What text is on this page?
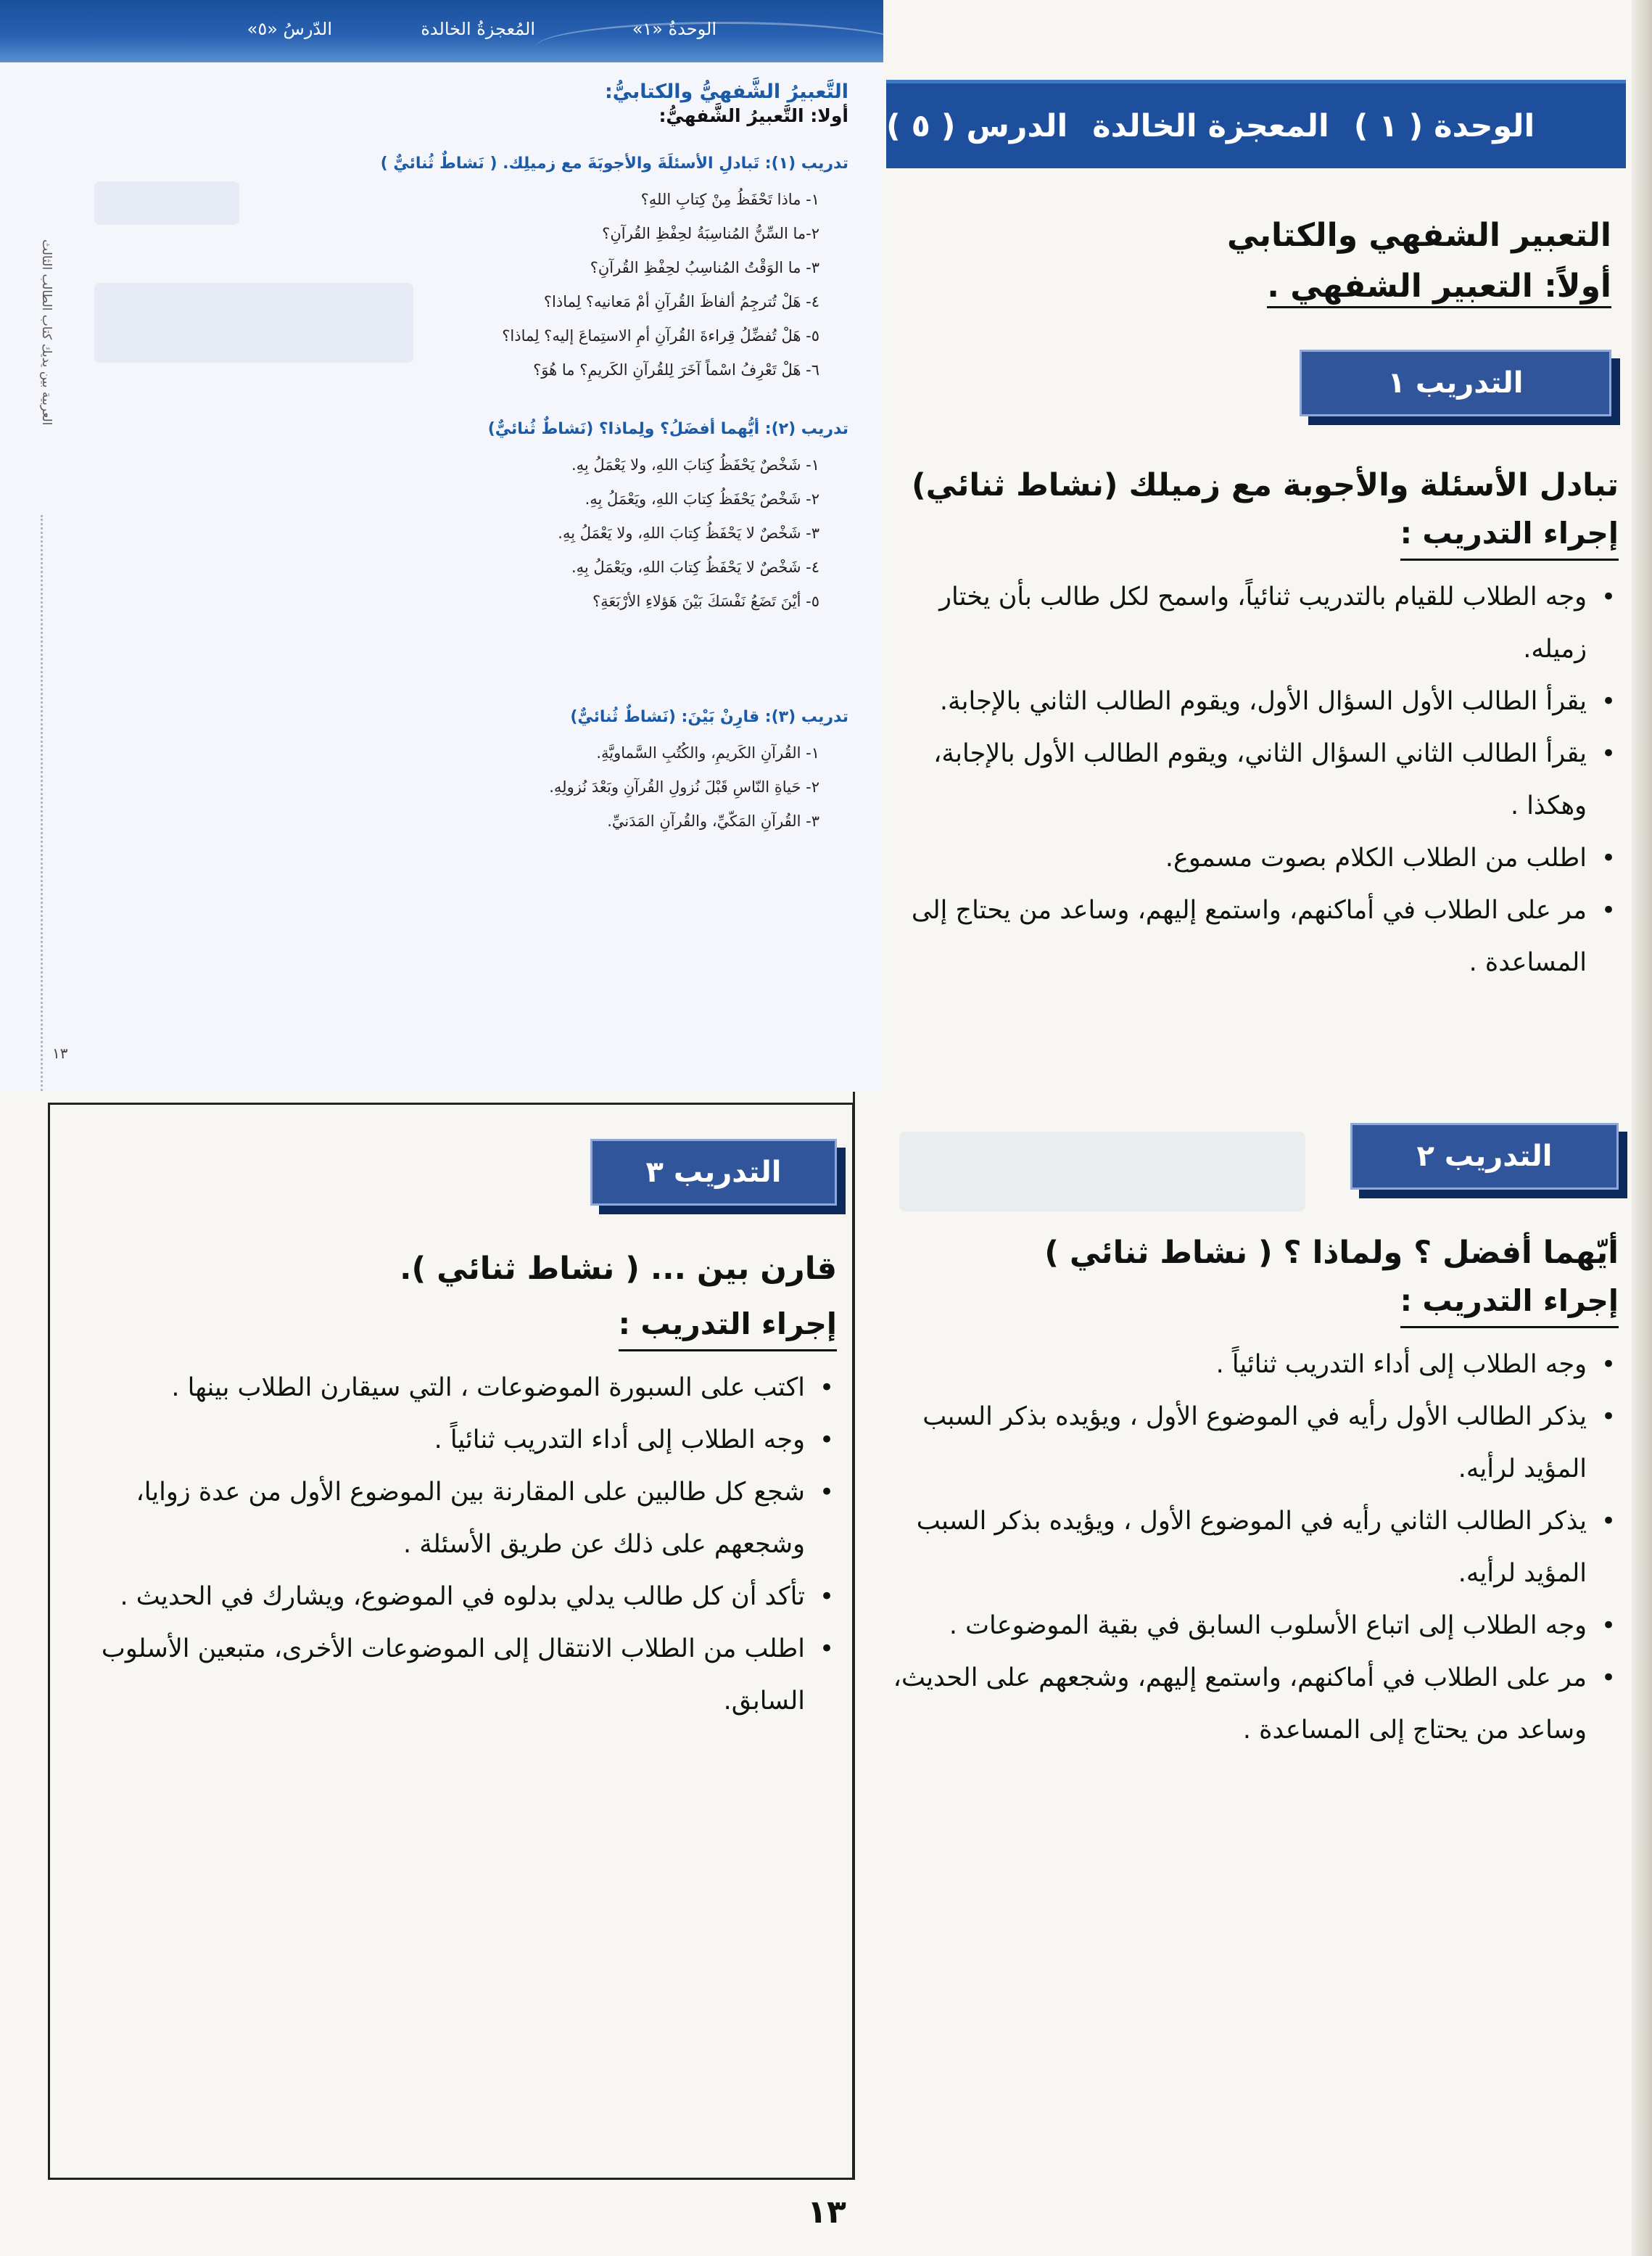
الوحدةُ «١»
المُعجزةُ الخالدة
الدّرسُ «٥»
العربية بين يديك كتاب الطالب الثالث
١٣
التَّعبيرُ الشَّفهيُّ والكتابيُّ:
أولا: التَّعبيرُ الشَّفهيُّ:
تدريب (١): تَبادلِ الأسئلَةَ والأجوبَةَ مع زميلِك. ( نَشاطٌ ثُنائيٌّ )
١- ماذا تَحْفَظُ مِنْ كِتابِ اللهِ؟
٢-ما السِّنُّ المُناسِبَةُ لحِفْظِ القُرآنِ؟
٣- ما الوَقْتُ المُناسِبُ لحِفْظِ القُرآنِ؟
٤- هَلْ تُترجِمُ ألفاظَ القُرآنِ أمْ مَعانيه؟ لِماذا؟
٥- هَلْ تُفضِّلُ قِراءةَ القُرآنِ أمِ الاستِماعَ إليه؟ لِماذا؟
٦- هَلْ تَعْرِفُ اسْماً آخَرَ لِلقُرآنِ الكَريمِ؟ ما هُوَ؟
تدريب (٢): أيُّهما أفضَلُ؟ ولِماذا؟ (نَشاطٌ ثُنائيٌّ)
١- شَخْصٌ يَحْفَظُ كِتابَ اللهِ، ولا يَعْمَلُ بِهِ.
٢- شَخْصٌ يَحْفَظُ كِتابَ اللهِ، ويَعْمَلُ بِهِ.
٣- شَخْصٌ لا يَحْفَظُ كِتابَ اللهِ، ولا يَعْمَلُ بِهِ.
٤- شَخْصٌ لا يَحْفَظُ كِتابَ اللهِ، ويَعْمَلُ بِهِ.
٥- أيْنَ تَضَعُ نَفْسَكَ بَيْنَ هَؤلاءِ الأرْبَعَةِ؟
تدريب (٣): قارِنْ بَيْنَ: (نَشاطٌ ثُنائيٌّ)
١- القُرآنِ الكَريمِ، والكُتُبِ السَّماويَّةِ.
٢- حَياةِ النّاسِ قَبْلَ نُزولِ القُرآنِ وبَعْدَ نُزولِهِ.
٣- القُرآنِ المَكّيِّ، والقُرآنِ المَدَنيِّ.
الوحدة ( ١ )
المعجزة الخالدة
الدرس ( ٥ )
التعبير الشفهي والكتابي
أولاً: التعبير الشفهي .
التدريب ١
تبادل الأسئلة والأجوبة مع زميلك (نشاط ثنائي)
إجراء التدريب :
• وجه الطلاب للقيام بالتدريب ثنائياً، واسمح لكل طالب بأن يختار زميله.
• يقرأ الطالب الأول السؤال الأول، ويقوم الطالب الثاني بالإجابة.
• يقرأ الطالب الثاني السؤال الثاني، ويقوم الطالب الأول بالإجابة، وهكذا .
• اطلب من الطلاب الكلام بصوت مسموع.
• مر على الطلاب في أماكنهم، واستمع إليهم، وساعد من يحتاج إلى المساعدة .
التدريب ٢
أيّهما أفضل ؟ ولماذا ؟ ( نشاط ثنائي )
إجراء التدريب :
• وجه الطلاب إلى أداء التدريب ثنائياً .
• يذكر الطالب الأول رأيه في الموضوع الأول ، ويؤيده بذكر السبب المؤيد لرأيه.
• يذكر الطالب الثاني رأيه في الموضوع الأول ، ويؤيده بذكر السبب المؤيد لرأيه.
• وجه الطلاب إلى اتباع الأسلوب السابق في بقية الموضوعات .
• مر على الطلاب في أماكنهم، واستمع إليهم، وشجعهم على الحديث، وساعد من يحتاج إلى المساعدة .
التدريب ٣
قارن بين ... ( نشاط ثنائي ).
إجراء التدريب :
• اكتب على السبورة الموضوعات ، التي سيقارن الطلاب بينها .
• وجه الطلاب إلى أداء التدريب ثنائياً .
• شجع كل طالبين على المقارنة بين الموضوع الأول من عدة زوايا، وشجعهم على ذلك عن طريق الأسئلة .
• تأكد أن كل طالب يدلي بدلوه في الموضوع، ويشارك في الحديث .
• اطلب من الطلاب الانتقال إلى الموضوعات الأخرى، متبعين الأسلوب السابق.
١٣
